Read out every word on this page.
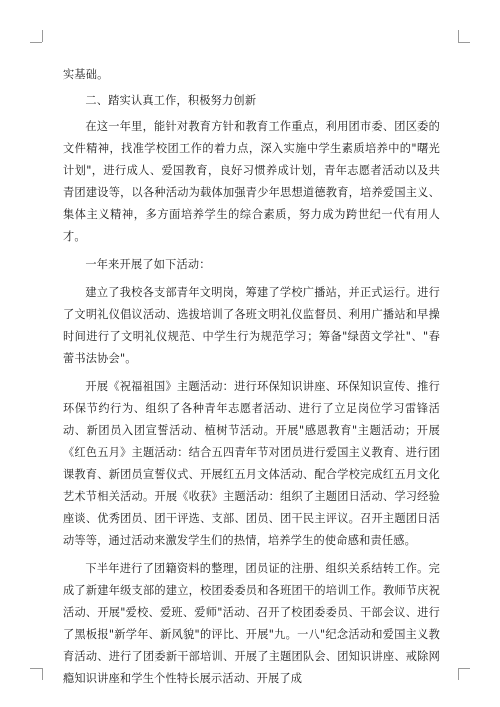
实基础。

二、踏实认真工作，积极努力创新

在这一年里，能针对教育方针和教育工作重点，利用团市委、团区委的文件精神，找准学校团工作的着力点，深入实施中学生素质培养中的"曙光计划"，进行成人、爱国教育，良好习惯养成计划，青年志愿者活动以及共青团建设等，以各种活动为载体加强青少年思想道德教育，培养爱国主义、集体主义精神，多方面培养学生的综合素质，努力成为跨世纪一代有用人才。

一年来开展了如下活动：

建立了我校各支部青年文明岗，筹建了学校广播站，并正式运行。进行了文明礼仪倡议活动、选拔培训了各班文明礼仪监督员、利用广播站和早操时间进行了文明礼仪规范、中学生行为规范学习；筹备"绿茵文学社"、"春蕾书法协会"。

开展《祝福祖国》主题活动：进行环保知识讲座、环保知识宣传、推行环保节约行为、组织了各种青年志愿者活动、进行了立足岗位学习雷锋活动、新团员入团宣誓活动、植树节活动。开展"感恩教育"主题活动；开展《红色五月》主题活动：结合五四青年节对团员进行爱国主义教育、进行团课教育、新团员宣誓仪式、开展红五月文体活动、配合学校完成红五月文化艺术节相关活动。开展《收获》主题活动：组织了主题团日活动、学习经验座谈、优秀团员、团干评选、支部、团员、团干民主评议。召开主题团日活动等等，通过活动来激发学生们的热情，培养学生的使命感和责任感。

下半年进行了团籍资料的整理，团员证的注册、组织关系结转工作。完成了新建年级支部的建立，校团委委员和各班团干的培训工作。教师节庆祝活动、开展"爱校、爱班、爱师"活动、召开了校团委委员、干部会议、进行了黑板报"新学年、新风貌"的评比、开展"九。一八"纪念活动和爱国主义教育活动、进行了团委新干部培训、开展了主题团队会、团知识讲座、戒除网瘾知识讲座和学生个性特长展示活动、开展了成
